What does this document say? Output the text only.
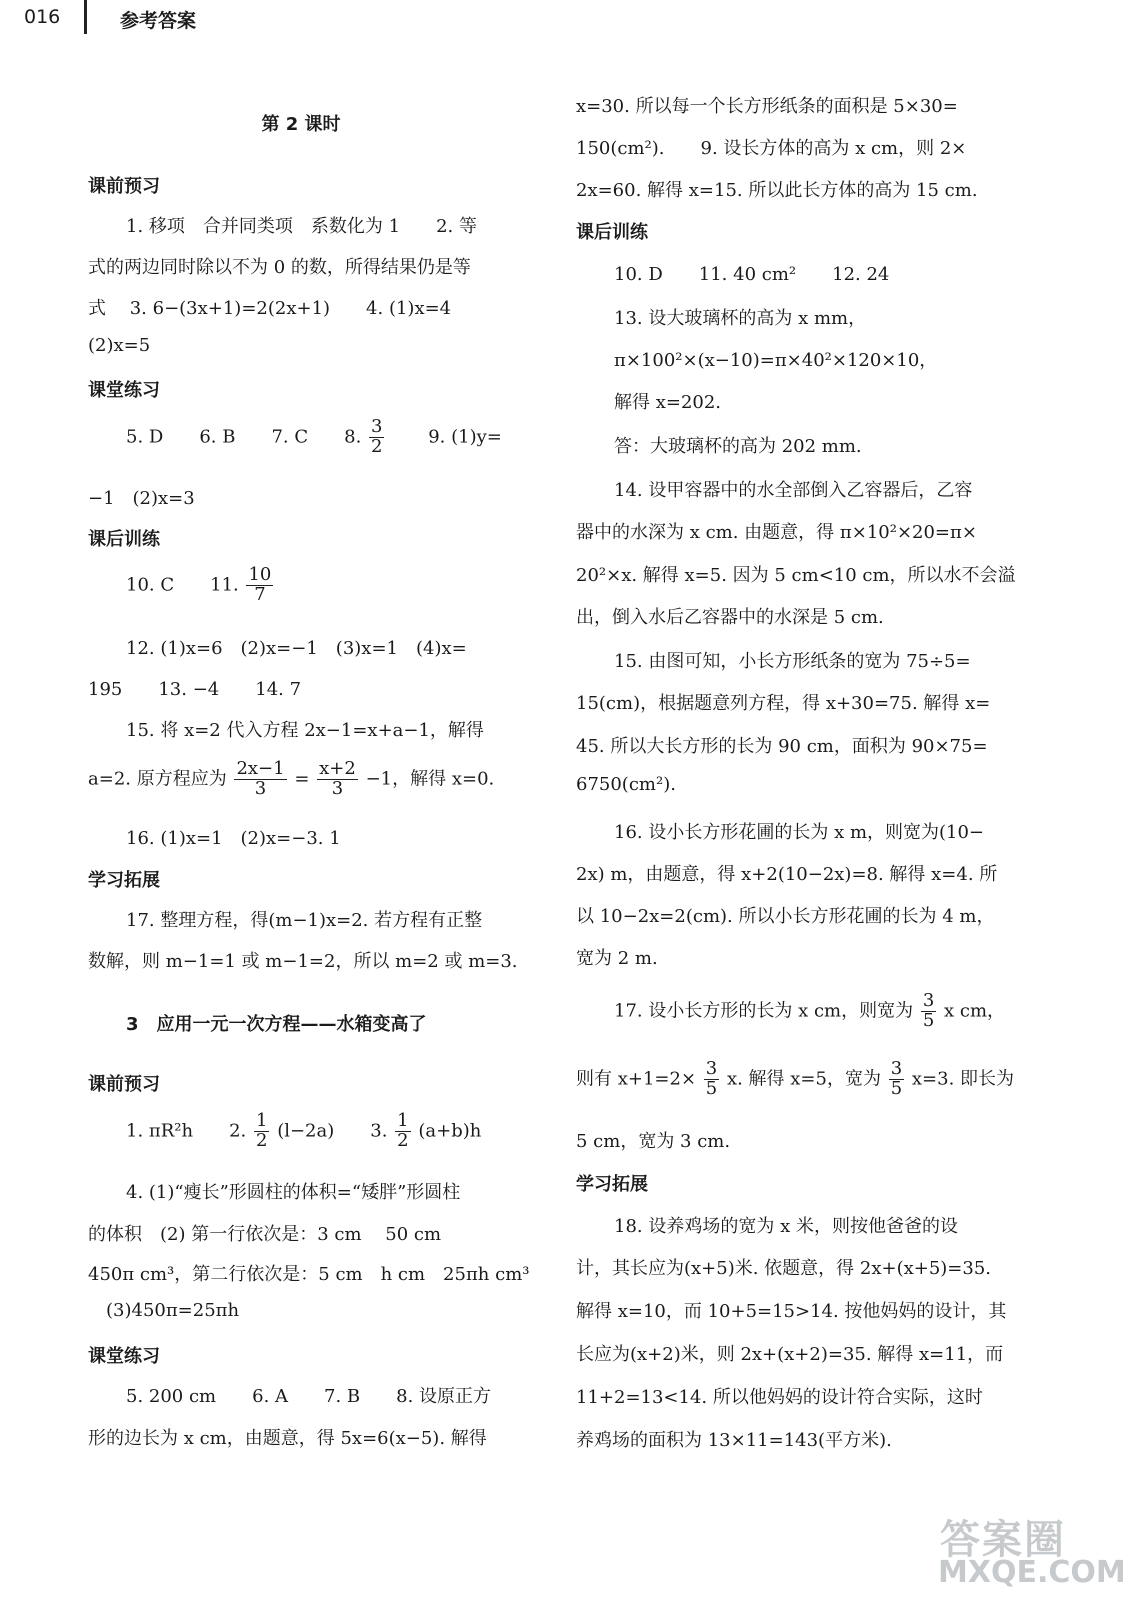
016	参考答案
第 2 课时
课前预习
1. 移项　合并同类项　系数化为 1　　2. 等
式的两边同时除以不为 0 的数，所得结果仍是等
式　 3. 6−(3x+1)=2(2x+1)　　4. (1)x=4
(2)x=5
课堂练习
5. D　　6. B　　7. C　　8. $\frac{3}{2}$ 　　9. (1)y=
−1　(2)x=3
课后训练
10. C　　11. $\frac{10}{7}$
12. (1)x=6　(2)x=−1　(3)x=1　(4)x=
195　　13. −4　　14. 7
15. 将 x=2 代入方程 2x−1=x+a−1，解得
a=2. 原方程应为 $\frac{2x-1}{3} = \frac{x+2}{3} -1$，解得 x=0.
16. (1)x=1　(2)x=−3. 1
学习拓展
17. 整理方程，得(m−1)x=2. 若方程有正整
数解，则 m−1=1 或 m−1=2，所以 m=2 或 m=3.
3　应用一元一次方程——水箱变高了
课前预习
1. πR²h　　2. $\frac{1}{2} (l-2a)$　　3. $\frac{1}{2} (a+b)h$
4. (1)“瘦长”形圆柱的体积=“矮胖”形圆柱
的体积　(2) 第一行依次是：3 cm　 50 cm
450π cm³，第二行依次是：5 cm　h cm　25πh cm³
(3)450π=25πh
课堂练习
5. 200 cm　　6. A　　7. B　　8. 设原正方
形的边长为 x cm，由题意，得 5x=6(x−5). 解得
x=30. 所以每一个长方形纸条的面积是 5×30=
150(cm²).　　9. 设长方体的高为 x cm，则 2×
2x=60. 解得 x=15. 所以此长方体的高为 15 cm.
课后训练
10. D　　11. 40 cm²　　12. 24
13. 设大玻璃杯的高为 x mm，
π×100²×(x−10)=π×40²×120×10，
解得 x=202.
答：大玻璃杯的高为 202 mm.
14. 设甲容器中的水全部倒入乙容器后，乙容
器中的水深为 x cm. 由题意，得 π×10²×20=π×
20²×x. 解得 x=5. 因为 5 cm<10 cm，所以水不会溢
出，倒入水后乙容器中的水深是 5 cm.
15. 由图可知，小长方形纸条的宽为 75÷5=
15(cm)，根据题意列方程，得 x+30=75. 解得 x=
45. 所以大长方形的长为 90 cm，面积为 90×75=
6750(cm²).
16. 设小长方形花圃的长为 x m，则宽为(10−
2x) m，由题意，得 x+2(10−2x)=8. 解得 x=4. 所
以 10−2x=2(cm). 所以小长方形花圃的长为 4 m，
宽为 2 m.
17. 设小长方形的长为 x cm，则宽为 $\frac{3}{5}$ x cm，
则有 $x+1=2\times \frac{3}{5} x$. 解得 x=5，宽为 $\frac{3}{5} x=3$. 即长为
5 cm，宽为 3 cm.
学习拓展
18. 设养鸡场的宽为 x 米，则按他爸爸的设
计，其长应为(x+5)米. 依题意，得 2x+(x+5)=35.
解得 x=10，而 10+5=15>14. 按他妈妈的设计，其
长应为(x+2)米，则 2x+(x+2)=35. 解得 x=11，而
11+2=13<14. 所以他妈妈的设计符合实际，这时
养鸡场的面积为 13×11=143(平方米).
答案圈
MXQE.COM
